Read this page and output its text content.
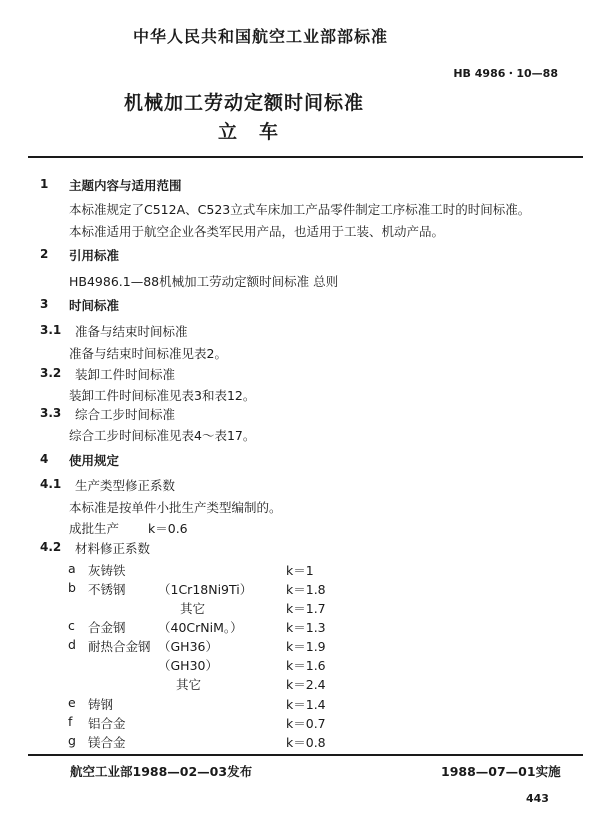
中华人民共和国航空工业部部标准
HB 4986・10—88
机械加工劳动定额时间标准
立车
1 主题内容与适用范围
本标准规定了C512A、C523立式车床加工产品零件制定工序标准工时的时间标准。
本标准适用于航空企业各类军民用产品，也适用于工装、机动产品。
2 引用标准
HB4986.1—88机械加工劳动定额时间标准 总则
3 时间标准
3.1 准备与结束时间标准
准备与结束时间标准见表2。
3.2 装卸工件时间标准
装卸工件时间标准见表3和表12。
3.3 综合工步时间标准
综合工步时间标准见表4～表17。
4 使用规定
4.1 生产类型修正系数
本标准是按单件小批生产类型编制的。
成批生产 k＝0.6
4.2 材料修正系数
a 灰铸铁	k＝1
b 不锈钢	（1Cr18Ni9Ti）	k＝1.8
其它	k＝1.7
c 合金钢	（40CrNiM。）	k＝1.3
d 耐热合金钢 （GH36）	k＝1.9
（GH30）	k＝1.6
其它	k＝2.4
e 铸钢	k＝1.4
f 铝合金	k＝0.7
g 镁合金	k＝0.8
航空工业部1988—02—03发布	1988—07—01实施
443
